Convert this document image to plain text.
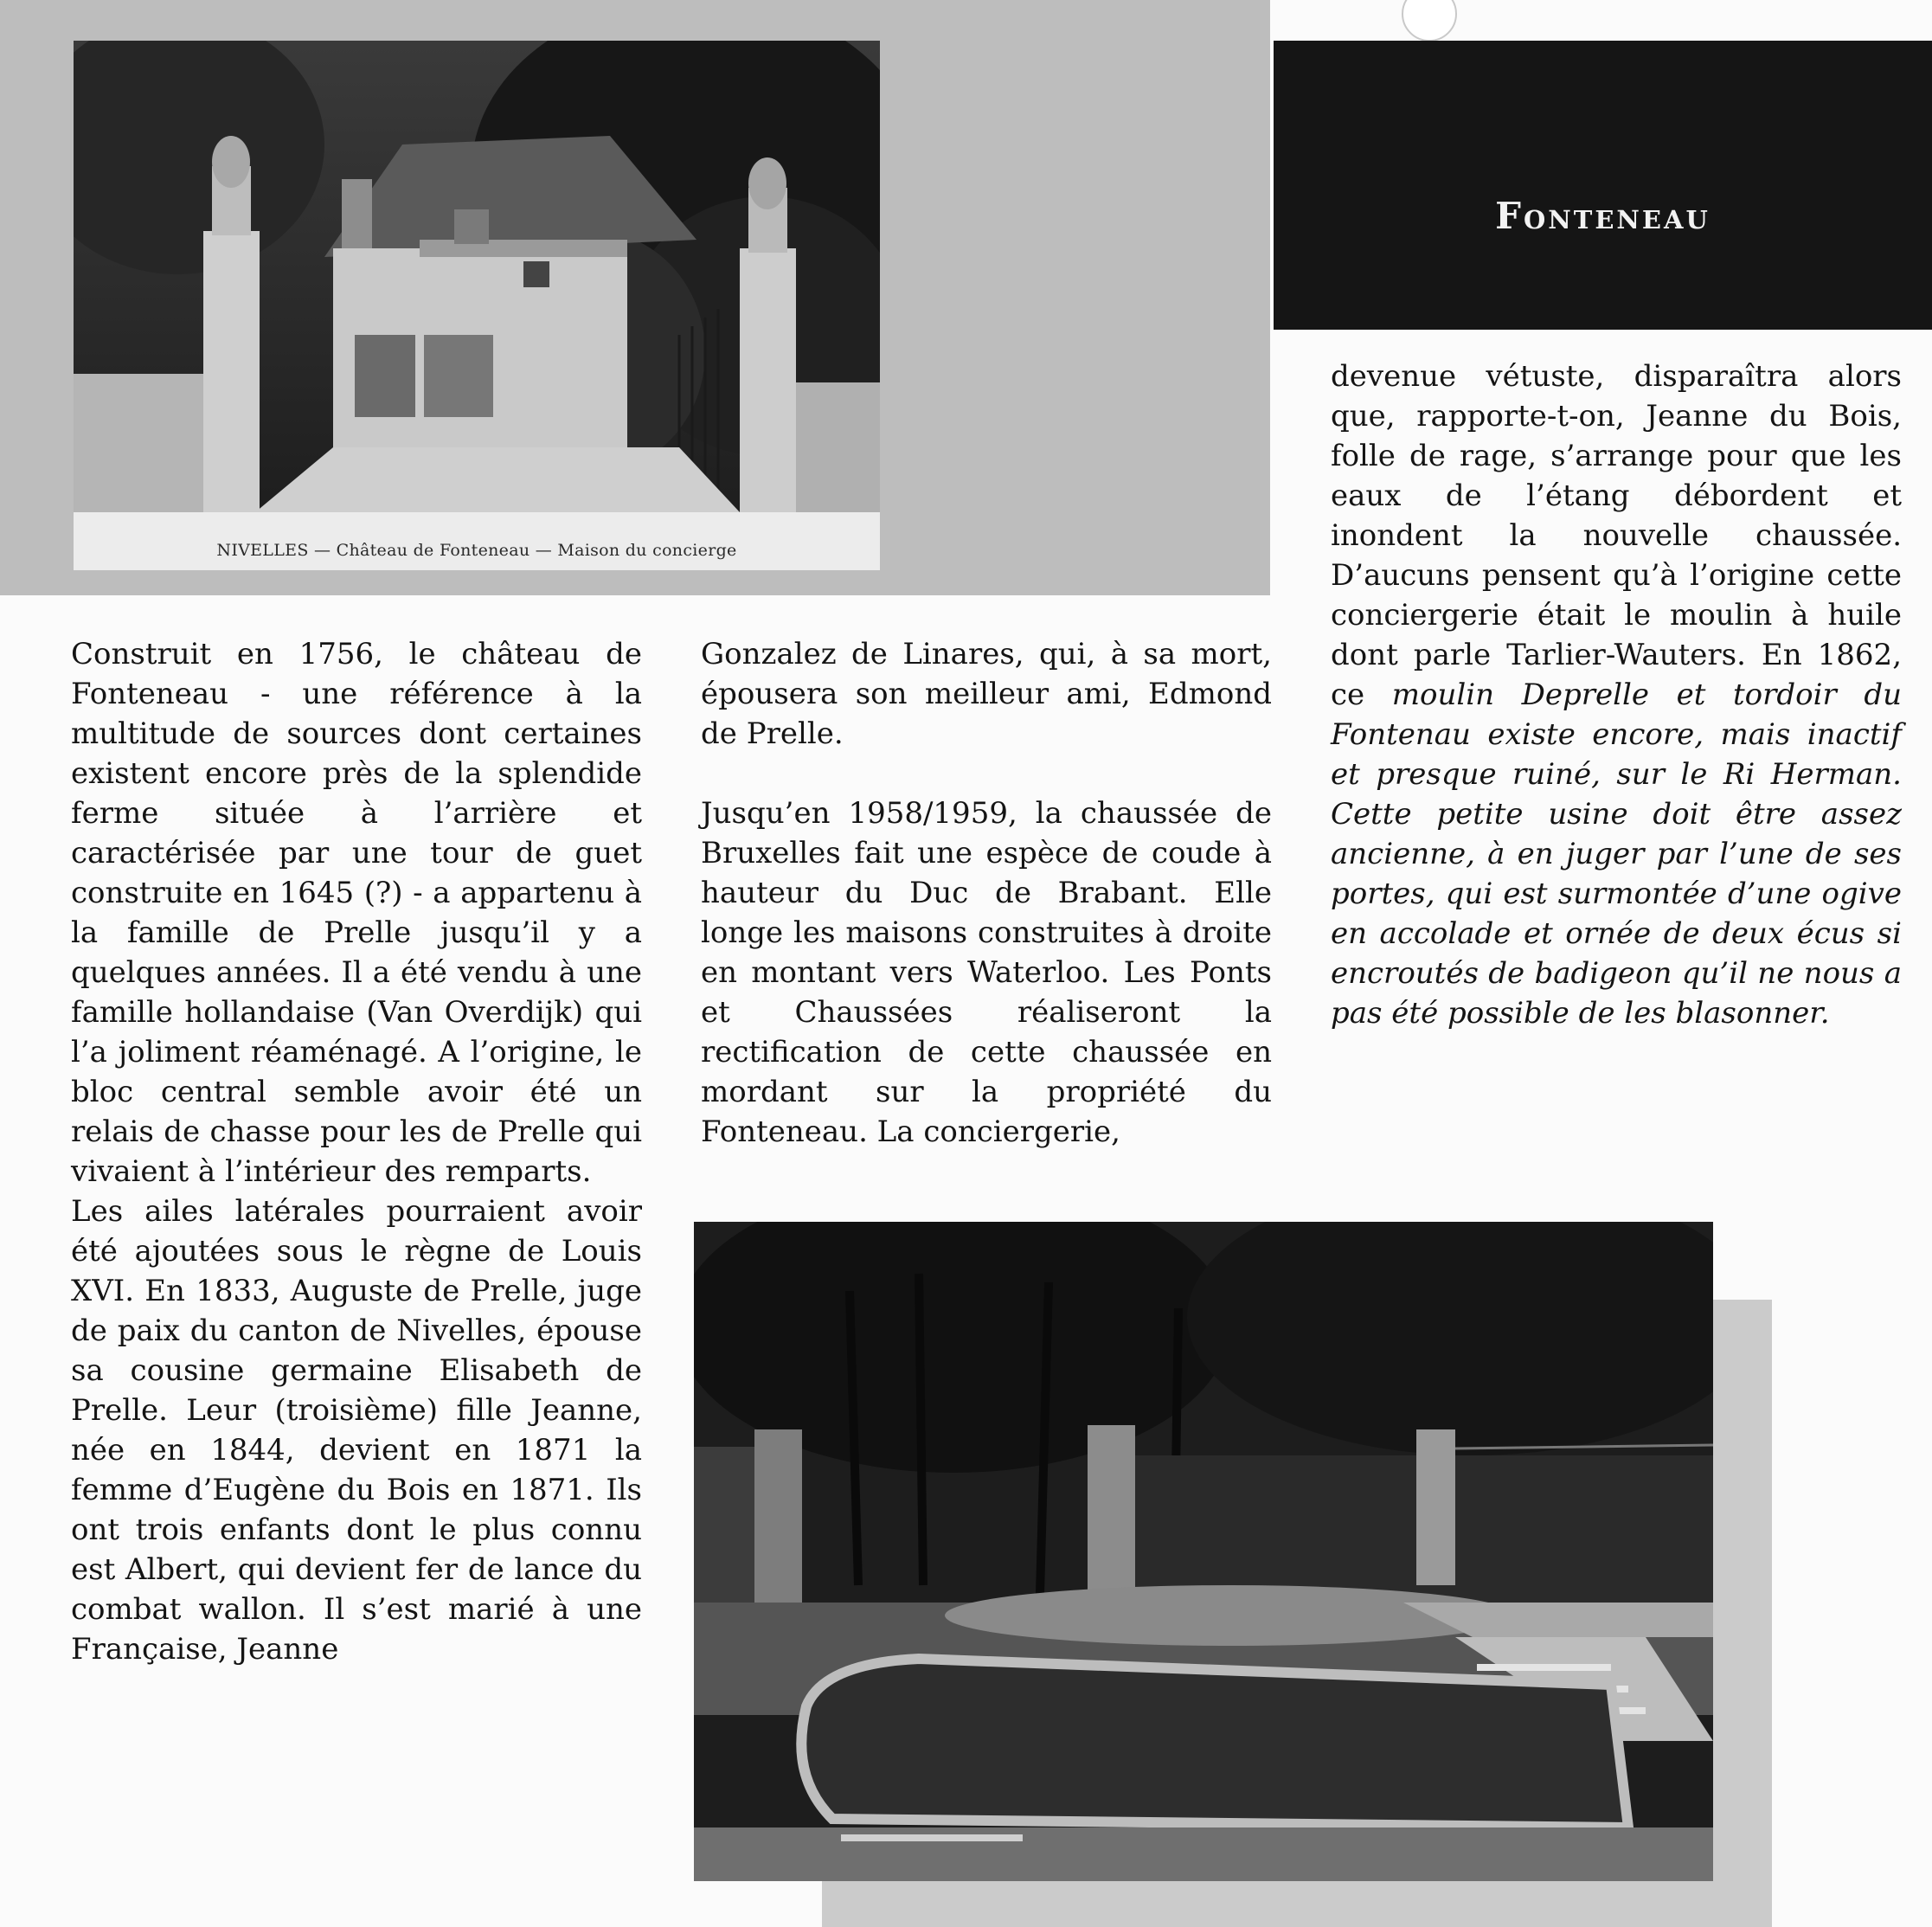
NIVELLES — Château de Fonteneau — Maison du concierge
Fonteneau

Construit en 1756, le château de Fonteneau - une référence à la multitude de sources dont certaines existent encore près de la splendide ferme située à l’arrière et caractérisée par une tour de guet construite en 1645 (?) - a appartenu à la famille de Prelle jusqu’il y a quelques années. Il a été vendu à une famille hollandaise (Van Overdijk) qui l’a joliment réaménagé. A l’origine, le bloc central semble avoir été un relais de chasse pour les de Prelle qui vivaient à l’intérieur des remparts.

Les ailes latérales pourraient avoir été ajoutées sous le règne de Louis XVI. En 1833, Auguste de Prelle, juge de paix du canton de Nivelles, épouse sa cousine germaine Elisabeth de Prelle. Leur (troisième) fille Jeanne, née en 1844, devient en 1871 la femme d’Eugène du Bois en 1871. Ils ont trois enfants dont le plus connu est Albert, qui devient fer de lance du combat wallon. Il s’est marié à une Française, Jeanne

Gonzalez de Linares, qui, à sa mort, épousera son meilleur ami, Edmond de Prelle.

Jusqu’en 1958/1959, la chaussée de Bruxelles fait une espèce de coude à hauteur du Duc de Brabant. Elle longe les maisons construites à droite en montant vers Waterloo. Les Ponts et Chaussées réaliseront la rectification de cette chaussée en mordant sur la propriété du Fonteneau. La conciergerie,

devenue vétuste, disparaîtra alors que, rapporte-t-on, Jeanne du Bois, folle de rage, s’arrange pour que les eaux de l’étang débordent et inondent la nouvelle chaussée. D’aucuns pensent qu’à l’origine cette conciergerie était le moulin à huile dont parle Tarlier-Wauters. En 1862, ce moulin Deprelle et tordoir du Fontenau existe encore, mais inactif et presque ruiné, sur le Ri Herman. Cette petite usine doit être assez ancienne, à en juger par l’une de ses portes, qui est surmontée d’une ogive en accolade et ornée de deux écus si encroutés de badigeon qu’il ne nous a pas été possible de les blasonner.
